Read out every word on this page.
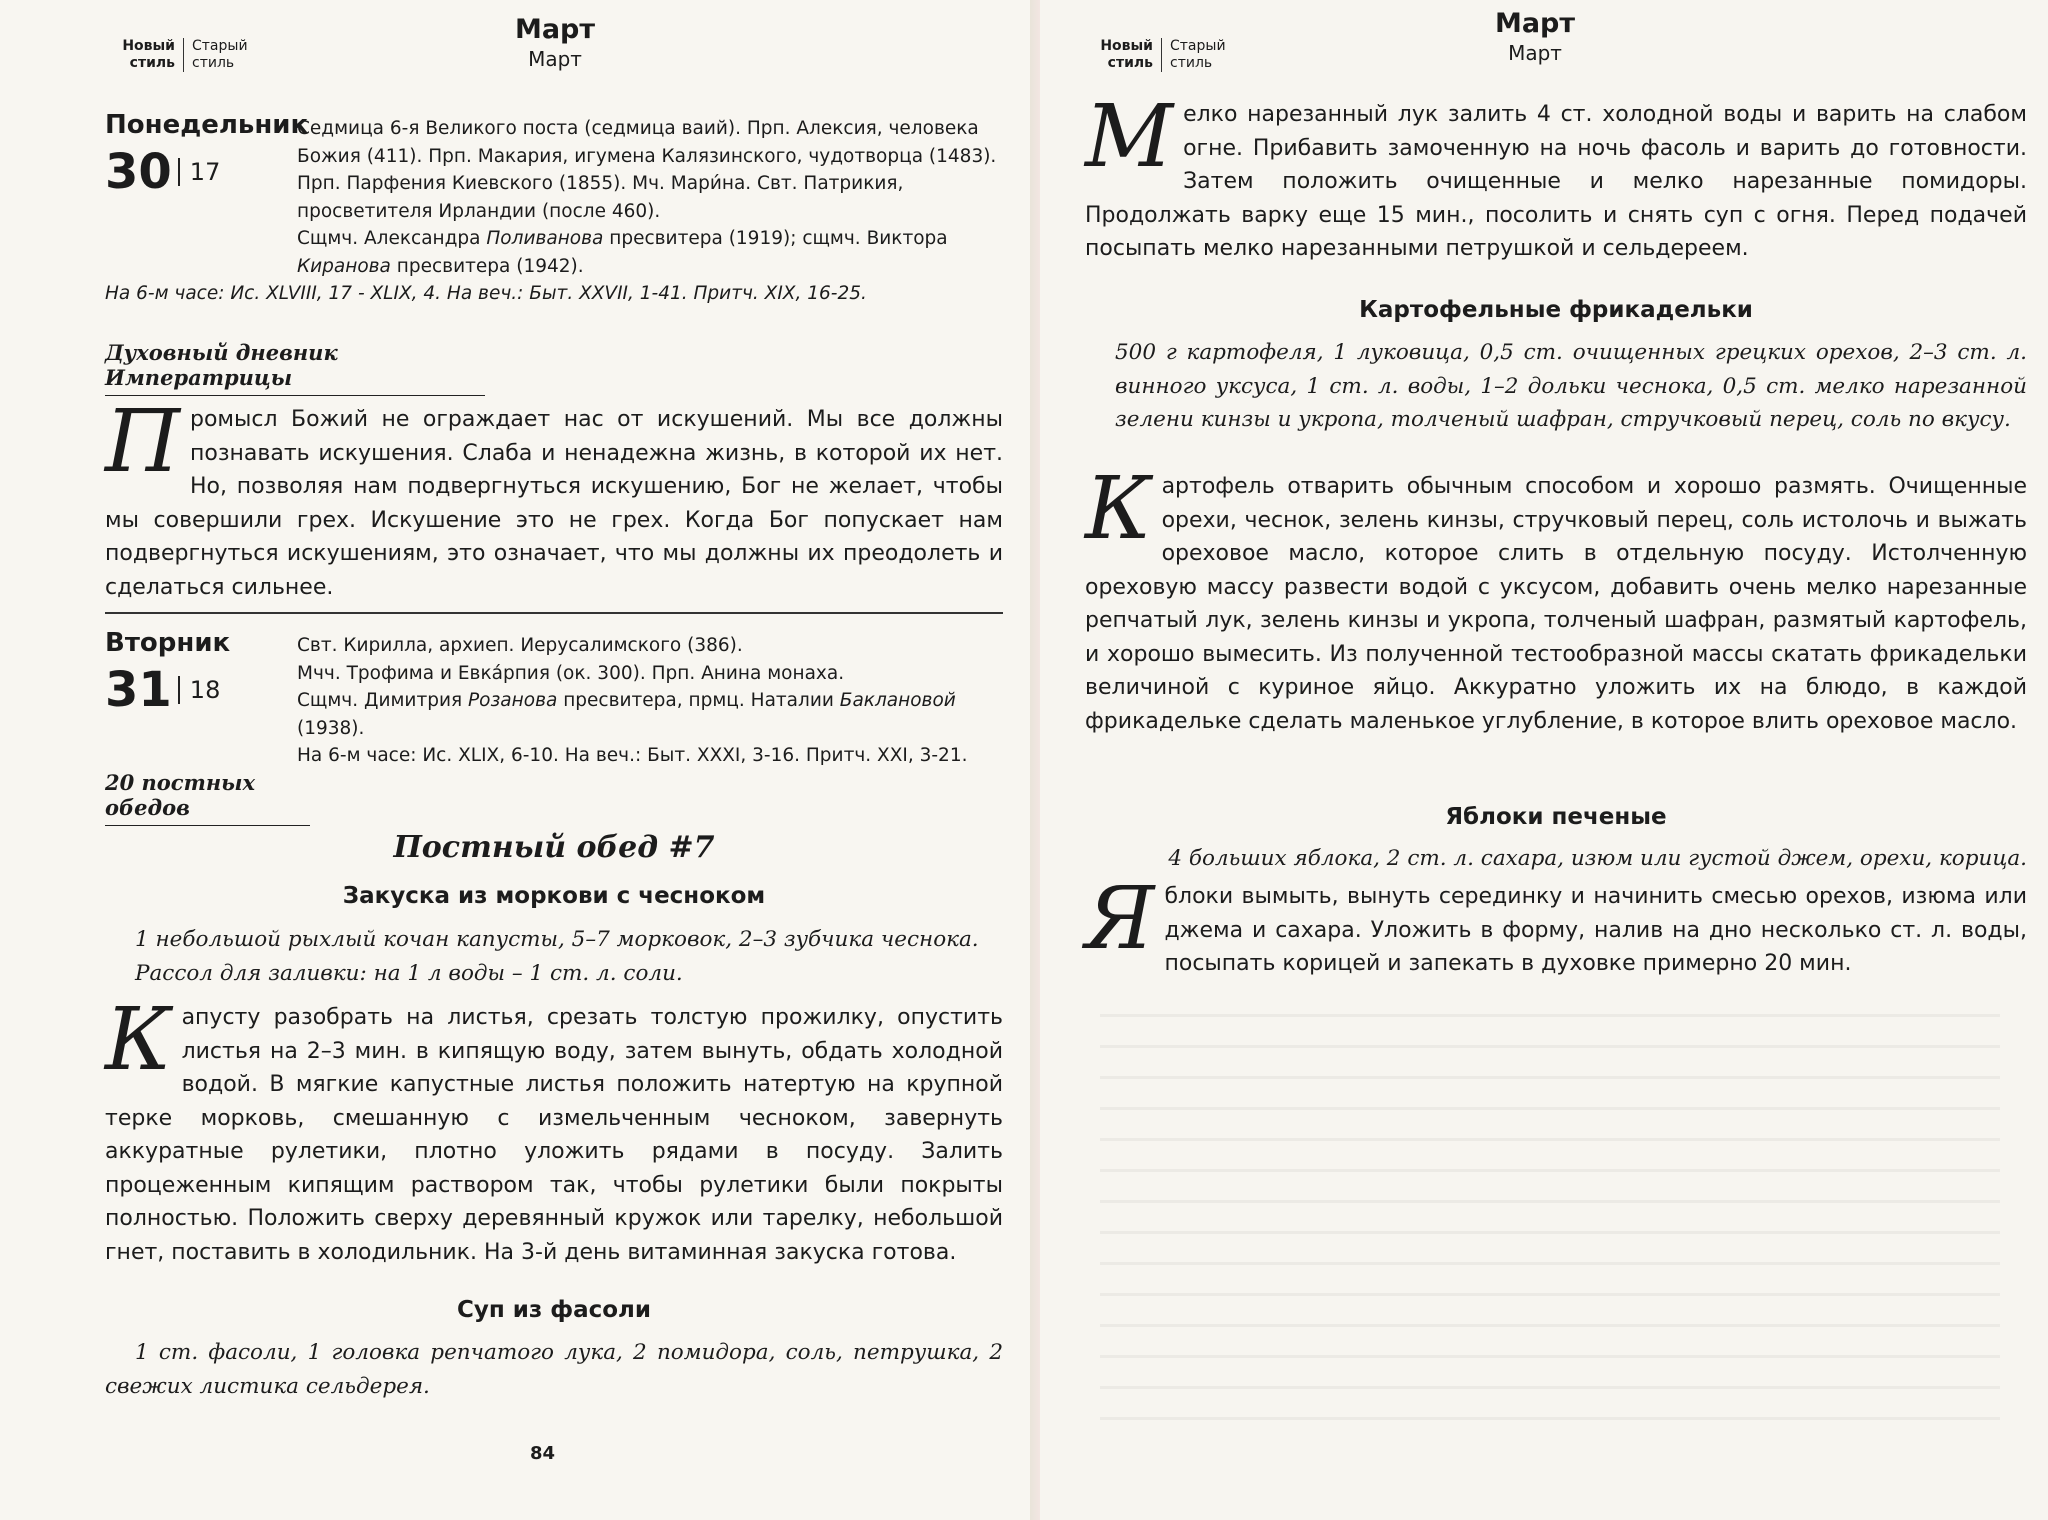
Новый стиль
Старый стиль
Март
Март
Понедельник
30 17

Седмица 6-я Великого поста (седмица ваий). Прп. Алексия, человека Божия (411). Прп. Макария, игумена Калязинского, чудотворца (1483).

Прп. Парфения Киевского (1855). Мч. Мари́на. Свт. Патрикия, просветителя Ирландии (после 460).

Сщмч. Александра Поливанова пресвитера (1919); сщмч. Виктора Кирановa пресвитера (1942).

На 6-м часе: Ис. XLVIII, 17 - XLIX, 4. На веч.: Быт. XXVII, 1-41. Притч. XIX, 16-25.

Духовный дневник Императрицы

Промысл Божий не ограждает нас от искушений. Мы все должны познавать искушения. Слаба и ненадежна жизнь, в которой их нет. Но, позволяя нам подвергнуться искушению, Бог не желает, чтобы мы совершили грех. Искушение это не грех. Когда Бог попускает нам подвергнуться искушениям, это означает, что мы должны их преодолеть и сделаться сильнее.

Вторник
31 18

Свт. Кирилла, архиеп. Иерусалимского (386).

Мчч. Трофима и Евка́рпия (ок. 300). Прп. Анина монаха.

Сщмч. Димитрия Розанова пресвитера, прмц. Наталии Баклановой (1938).

На 6-м часе: Ис. XLIX, 6-10. На веч.: Быт. XXXI, 3-16. Притч. XXI, 3-21.

20 постных обедов
Постный обед #7
Закуска из моркови с чесноком

1 небольшой рыхлый кочан капусты, 5–7 морковок, 2–3 зубчика чеснока.

Рассол для заливки: на 1 л воды – 1 ст. л. соли.

Капусту разобрать на листья, срезать толстую прожилку, опустить листья на 2–3 мин. в кипящую воду, затем вынуть, обдать холодной водой. В мягкие капустные листья положить натертую на крупной терке морковь, смешанную с измельченным чесноком, завернуть аккуратные рулетики, плотно уложить рядами в посуду. Залить процеженным кипящим раствором так, чтобы рулетики были покрыты полностью. Положить сверху деревянный кружок или тарелку, небольшой гнет, поставить в холодильник. На 3-й день витаминная закуска готова.

Суп из фасоли

1 ст. фасоли, 1 головка репчатого лука, 2 помидора, соль, петрушка, 2 свежих листика сельдерея.

84
Новый стиль
Старый стиль
Март
Март

Мелко нарезанный лук залить 4 ст. холодной воды и варить на слабом огне. Прибавить замоченную на ночь фасоль и варить до готовности. Затем положить очищенные и мелко нарезанные помидоры. Продолжать варку еще 15 мин., посолить и снять суп с огня. Перед подачей посыпать мелко нарезанными петрушкой и сельдереем.

Картофельные фрикадельки

500 г картофеля, 1 луковица, 0,5 ст. очищенных грецких орехов, 2–3 ст. л. винного уксуса, 1 ст. л. воды, 1–2 дольки чеснока, 0,5 ст. мелко нарезанной зелени кинзы и укропа, толченый шафран, стручковый перец, соль по вкусу.

Картофель отварить обычным способом и хорошо размять. Очищенные орехи, чеснок, зелень кинзы, стручковый перец, соль истолочь и выжать ореховое масло, которое слить в отдельную посуду. Истолченную ореховую массу развести водой с уксусом, добавить очень мелко нарезанные репчатый лук, зелень кинзы и укропа, толченый шафран, размятый картофель, и хорошо вымесить. Из полученной тестообразной массы скатать фрикадельки величиной с куриное яйцо. Аккуратно уложить их на блюдо, в каждой фрикадельке сделать маленькое углубление, в которое влить ореховое масло.

Яблоки печеные

4 больших яблока, 2 ст. л. сахара, изюм или густой джем, орехи, корица.

Яблоки вымыть, вынуть серединку и начинить смесью орехов, изюма или джема и сахара. Уложить в форму, налив на дно несколько ст. л. воды, посыпать корицей и запекать в духовке примерно 20 мин.
